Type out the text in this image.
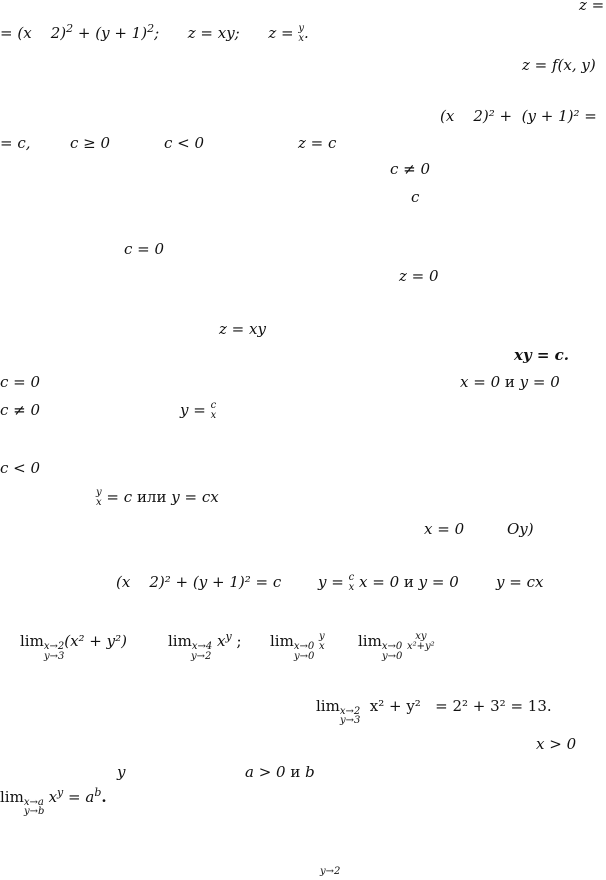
z =
= (x    $2)^2 + (y + 1)^2$;      z = xy;      z = y
x .
z = f(x, y)
(x    2)² +  (y + 1)² =
= c,	c ≥ 0	c < 0	z = c
c ≠ 0
c
c = 0
z = 0
z = xy
xy = c.
c = 0	x = 0 и y = 0
c ≠ 0	y = c
x
c < 0
y
x = c или y = cx
x = 0	Oy)
(x    2)² + (y + 1)² = c y = c
x x = 0 и y = 0 y = cx
$\lim_{x\to 2}(x^2 + y^2)$
y→3
$\lim_{x\to 4} x^y$ ;
y→2
$\lim_{x\to 0}$
y
x
y→0
$\lim_{x\to 0}$
xy
x²+y²
y→0
$\lim_{x\to 2} x^2 + y^2 = 2^2 + 3^2 = 13$.
y→3
x > 0
y	a > 0 и b
$\lim_{x\to a} x^y = a^b$.
y→b
y→2
